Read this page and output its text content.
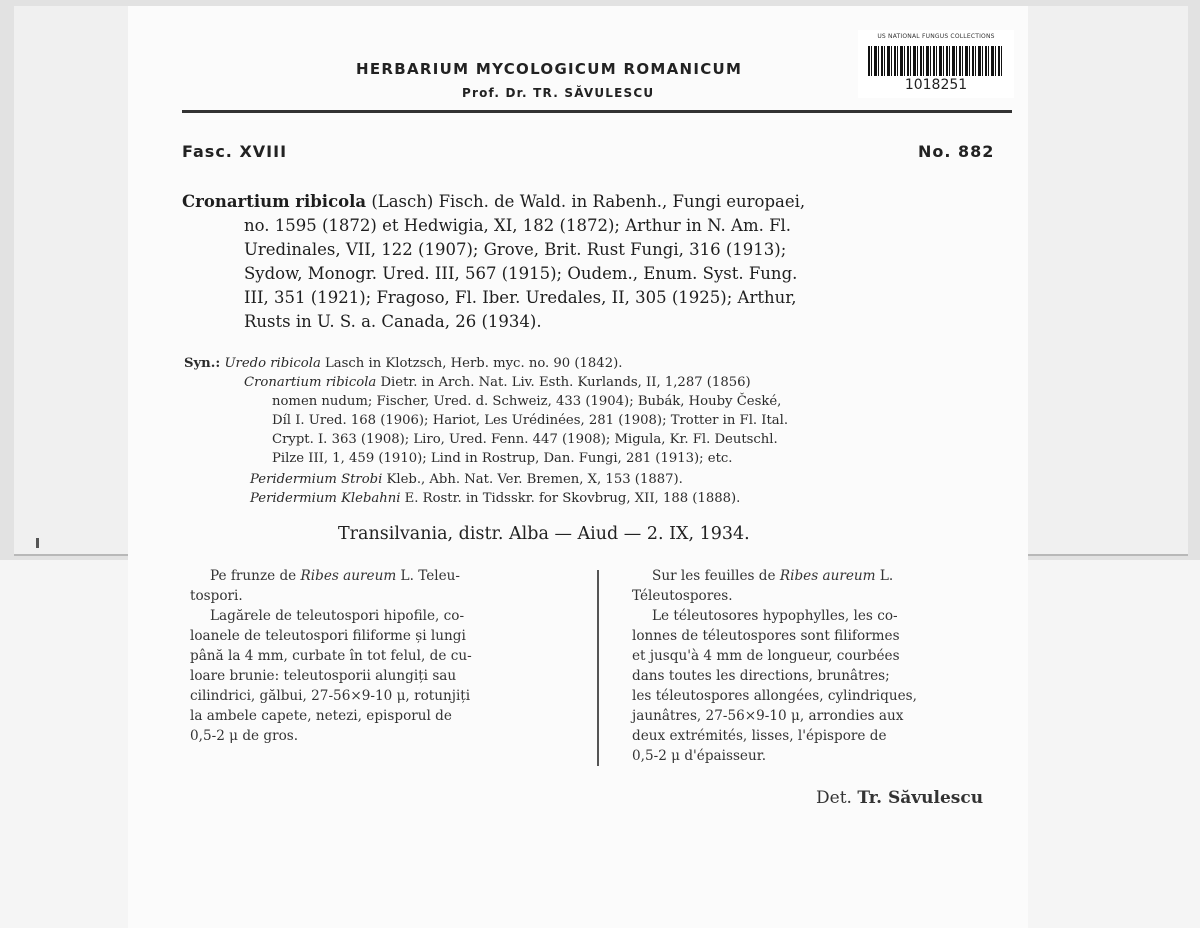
US NATIONAL FUNGUS COLLECTIONS
1018251
HERBARIUM MYCOLOGICUM ROMANICUM
Prof. Dr. TR. SĂVULESCU
Fasc. XVIII	No. 882
Cronartium ribicola (Lasch) Fisch. de Wald. in Rabenh., Fungi europaei,
no. 1595 (1872) et Hedwigia, XI, 182 (1872); Arthur in N. Am. Fl.
Uredinales, VII, 122 (1907); Grove, Brit. Rust Fungi, 316 (1913);
Sydow, Monogr. Ured. III, 567 (1915); Oudem., Enum. Syst. Fung.
III, 351 (1921); Fragoso, Fl. Iber. Uredales, II, 305 (1925); Arthur,
Rusts in U. S. a. Canada, 26 (1934).
Syn.: Uredo ribicola Lasch in Klotzsch, Herb. myc. no. 90 (1842).
Cronartium ribicola Dietr. in Arch. Nat. Liv. Esth. Kurlands, II, 1,287 (1856)
nomen nudum; Fischer, Ured. d. Schweiz, 433 (1904); Bubák, Houby České,
Díl I. Ured. 168 (1906); Hariot, Les Urédinées, 281 (1908); Trotter in Fl. Ital.
Crypt. I. 363 (1908); Liro, Ured. Fenn. 447 (1908); Migula, Kr. Fl. Deutschl.
Pilze III, 1, 459 (1910); Lind in Rostrup, Dan. Fungi, 281 (1913); etc.
Peridermium Strobi Kleb., Abh. Nat. Ver. Bremen, X, 153 (1887).
Peridermium Klebahni E. Rostr. in Tidsskr. for Skovbrug, XII, 188 (1888).
Transilvania, distr. Alba — Aiud — 2. IX, 1934.
Pe frunze de Ribes aureum L. Teleu-
tospori.
Lagărele de teleutospori hipofile, co-
loanele de teleutospori filiforme și lungi
până la 4 mm, curbate în tot felul, de cu-
loare brunie: teleutosporii alungiți sau
cilindrici, gălbui, 27-56×9-10 μ, rotunjiți
la ambele capete, netezi, episporul de
0,5-2 μ de gros.
Sur les feuilles de Ribes aureum L.
Téleutospores.
Le téleutosores hypophylles, les co-
lonnes de téleutospores sont filiformes
et jusqu'à 4 mm de longueur, courbées
dans toutes les directions, brunâtres;
les téleutospores allongées, cylindriques,
jaunâtres, 27-56×9-10 μ, arrondies aux
deux extrémités, lisses, l'épispore de
0,5-2 μ d'épaisseur.
Det. Tr. Săvulescu
